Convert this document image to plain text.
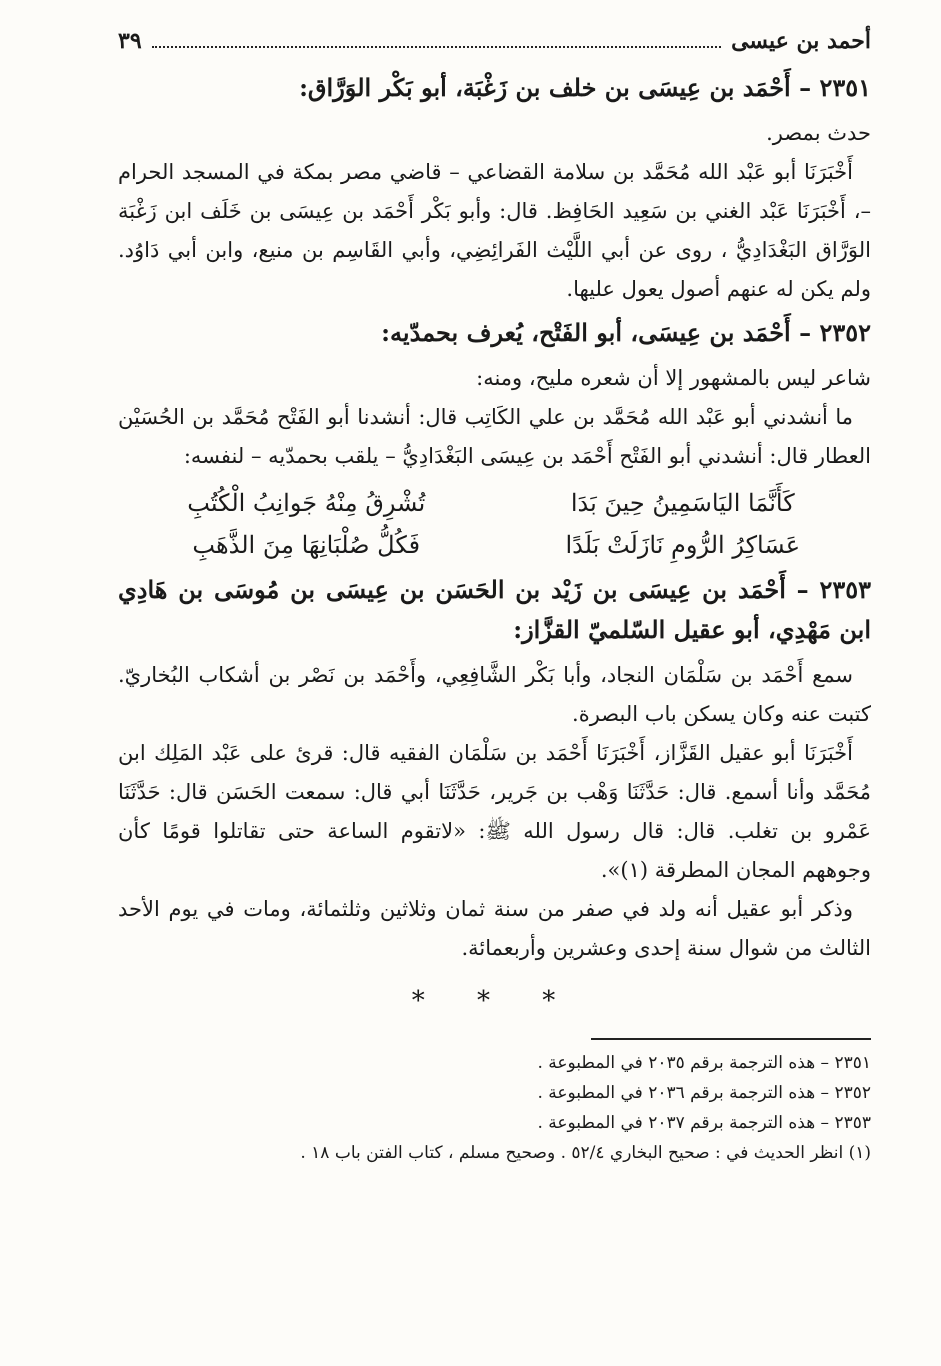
أحمد بن عيسى
٣٩
٢٣٥١ – أَحْمَد بن عِيسَى بن خلف بن زَغْبَة، أبو بَكْر الوَرَّاق:

حدث بمصر.

أَخْبَرَنَا أبو عَبْد الله مُحَمَّد بن سلامة القضاعي – قاضي مصر بمكة في المسجد الحرام –، أَخْبَرَنَا عَبْد الغني بن سَعِيد الحَافِظ. قال: وأبو بَكْر أَحْمَد بن عِيسَى بن خَلَف ابن زَغْبَة الوَرَّاق البَغْدَادِيُّ ، روى عن أبي اللَّيْث الفَرائِضِي، وأبي القَاسِم بن منيع، وابن أبي دَاوُد. ولم يكن له عنهم أصول يعول عليها.

٢٣٥٢ – أَحْمَد بن عِيسَى، أبو الفَتْح، يُعرف بحمدّيه:

شاعر ليس بالمشهور إلا أن شعره مليح، ومنه:

ما أنشدني أبو عَبْد الله مُحَمَّد بن علي الكَاتِب قال: أنشدنا أبو الفَتْح مُحَمَّد بن الحُسَيْن العطار قال: أنشدني أبو الفَتْح أَحْمَد بن عِيسَى البَغْدَادِيُّ – يلقب بحمدّيه – لنفسه:

كَأَنَّمَا اليَاسَمِينُ حِينَ بَدَا
تُشْرِقُ مِنْهُ جَوانِبُ الْكُتُبِ
عَسَاكِرُ الرُّومِ نَازَلَتْ بَلَدًا
فَكُلُّ صُلْبَانِهَا مِنَ الذَّهَبِ
٢٣٥٣ – أَحْمَد بن عِيسَى بن زَيْد بن الحَسَن بن عِيسَى بن مُوسَى بن هَادِي ابن مَهْدِي، أبو عقيل السّلميّ القزَّاز:

سمع أَحْمَد بن سَلْمَان النجاد، وأبا بَكْر الشَّافِعِي، وأَحْمَد بن نَصْر بن أشكاب البُخاريّ. كتبت عنه وكان يسكن باب البصرة.

أَخْبَرَنَا أبو عقيل القَزَّاز، أَخْبَرَنَا أَحْمَد بن سَلْمَان الفقيه قال: قرئ على عَبْد المَلِك ابن مُحَمَّد وأنا أسمع. قال: حَدَّثَنَا وَهْب بن جَرير، حَدَّثَنَا أبي قال: سمعت الحَسَن قال: حَدَّثَنَا عَمْرو بن تغلب. قال: قال رسول الله ﷺ: «لاتقوم الساعة حتى تقاتلوا قومًا كأن وجوههم المجان المطرقة (١)».

وذكر أبو عقيل أنه ولد في صفر من سنة ثمان وثلاثين وثلثمائة، ومات في يوم الأحد الثالث من شوال سنة إحدى وعشرين وأربعمائة.

* * *

٢٣٥١ – هذه الترجمة برقم ٢٠٣٥ في المطبوعة .

٢٣٥٢ – هذه الترجمة برقم ٢٠٣٦ في المطبوعة .

٢٣٥٣ – هذه الترجمة برقم ٢٠٣٧ في المطبوعة .

(١) انظر الحديث في : صحيح البخاري ٥٢/٤ . وصحيح مسلم ، كتاب الفتن باب ١٨ .
